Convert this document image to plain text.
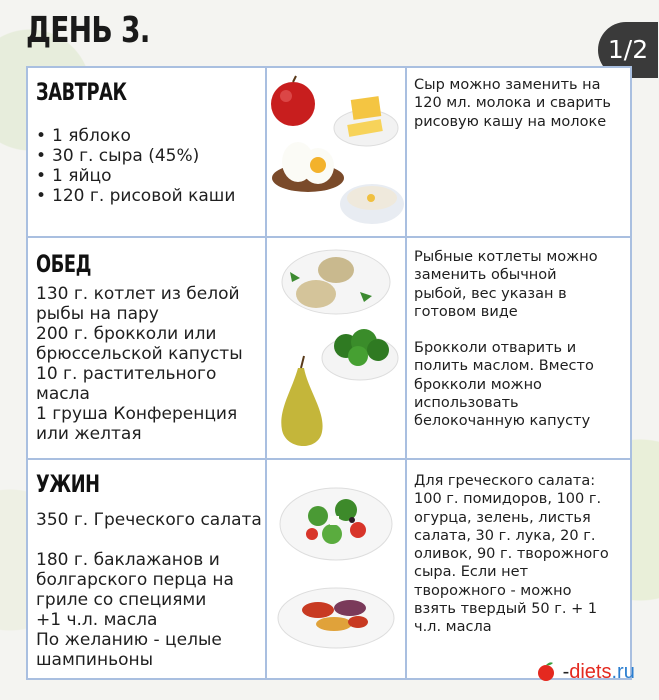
ДЕНЬ 3.	1/2
ЗАВТРАК
• 1 яблоко
• 30 г. сыра (45%)
• 1 яйцо
• 120 г. рисовой каши
Сыр можно заменить на
120 мл. молока и сварить
рисовую кашу на молоке
ОБЕД
130 г. котлет из белой
рыбы на пару
200 г. брокколи или
брюссельской капусты
10 г. растительного
масла
1 груша Конференция
или желтая
Рыбные котлеты можно
заменить обычной
рыбой, вес указан в
готовом виде
Брокколи отварить и
полить маслом. Вместо
брокколи можно
использовать
белокочанную капусту
УЖИН
350 г. Греческого салата
180 г. баклажанов и
болгарского перца на
гриле со специями
+1 ч.л. масла
По желанию - целые
шампиньоны
Для греческого салата:
100 г. помидоров, 100 г.
огурца, зелень, листья
салата, 30 г. лука, 20 г.
оливок, 90 г. творожного
сыра. Если нет
творожного - можно
взять твердый 50 г. + 1
ч.л. масла
-diets.ru
